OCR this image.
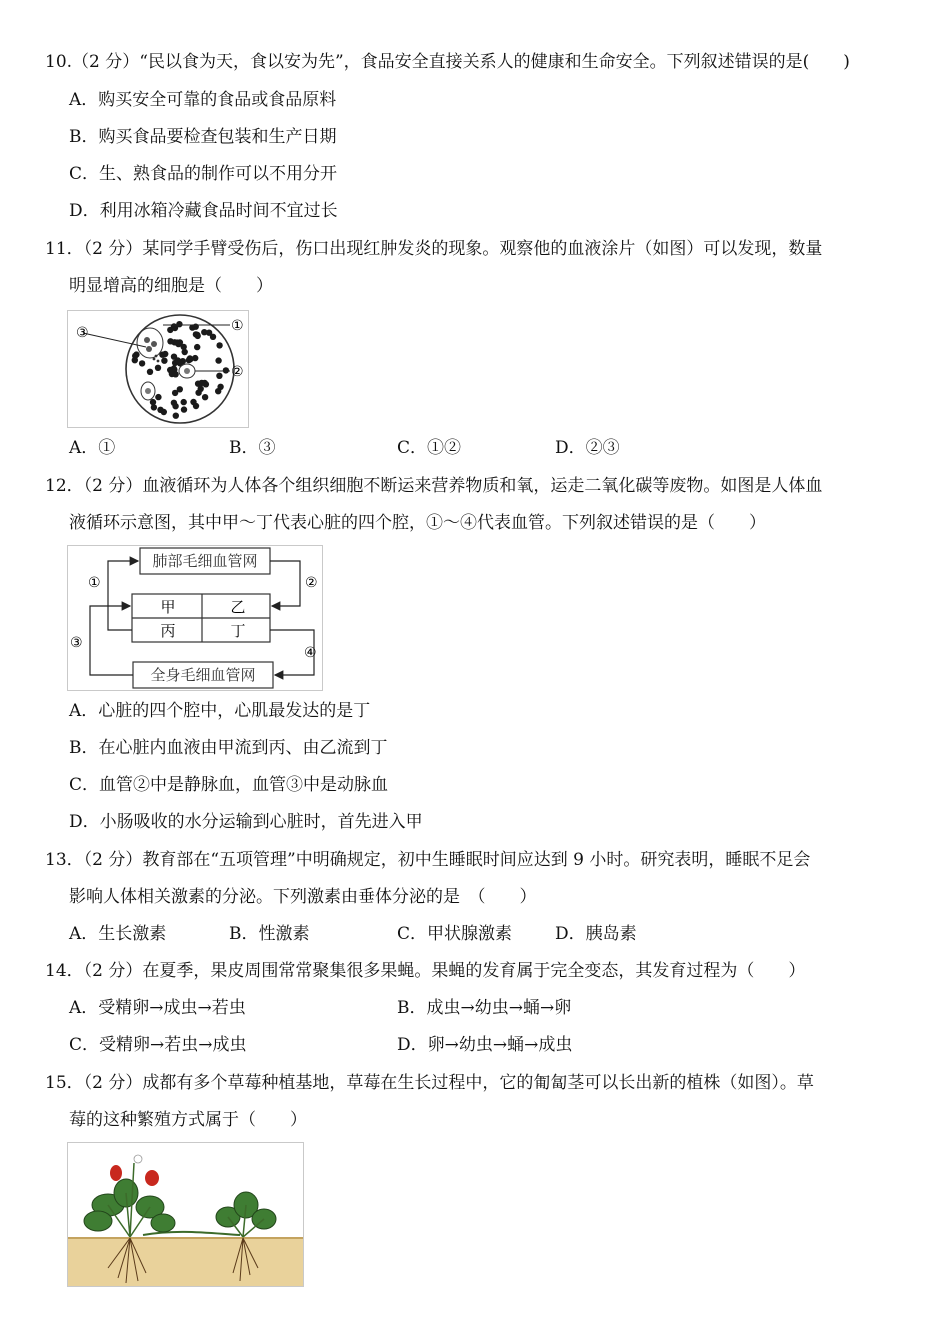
10.（2 分）“民以食为天，食以安为先”，食品安全直接关系人的健康和生命安全。下列叙述错误的是(　　)
A．购买安全可靠的食品或食品原料
B．购买食品要检查包装和生产日期
C．生、熟食品的制作可以不用分开
D．利用冰箱冷藏食品时间不宜过长
11．（2 分）某同学手臂受伤后，伤口出现红肿发炎的现象。观察他的血液涂片（如图）可以发现，数量
明显增高的细胞是（　　）
③	①
②
A．①	B．③	C．①②	D．②③
12．（2 分）血液循环为人体各个组织细胞不断运来营养物质和氧，运走二氧化碳等废物。如图是人体血
液循环示意图，其中甲～丁代表心脏的四个腔，①～④代表血管。下列叙述错误的是（　　）
肺部毛细血管网
全身毛细血管网
甲	乙
丙	丁
①	②
③
④
A．心脏的四个腔中，心肌最发达的是丁
B．在心脏内血液由甲流到丙、由乙流到丁
C．血管②中是静脉血，血管③中是动脉血
D．小肠吸收的水分运输到心脏时，首先进入甲
13．（2 分）教育部在“五项管理”中明确规定，初中生睡眠时间应达到 9 小时。研究表明，睡眠不足会
影响人体相关激素的分泌。下列激素由垂体分泌的是　（　　）
A．生长激素	B．性激素	C．甲状腺激素	D．胰岛素
14．（2 分）在夏季，果皮周围常常聚集很多果蝇。果蝇的发育属于完全变态，其发育过程为（　　）
A．受精卵→成虫→若虫	B．成虫→幼虫→蛹→卵
C．受精卵→若虫→成虫	D．卵→幼虫→蛹→成虫
15．（2 分）成都有多个草莓种植基地，草莓在生长过程中，它的匍匐茎可以长出新的植株（如图）。草
莓的这种繁殖方式属于（　　）
